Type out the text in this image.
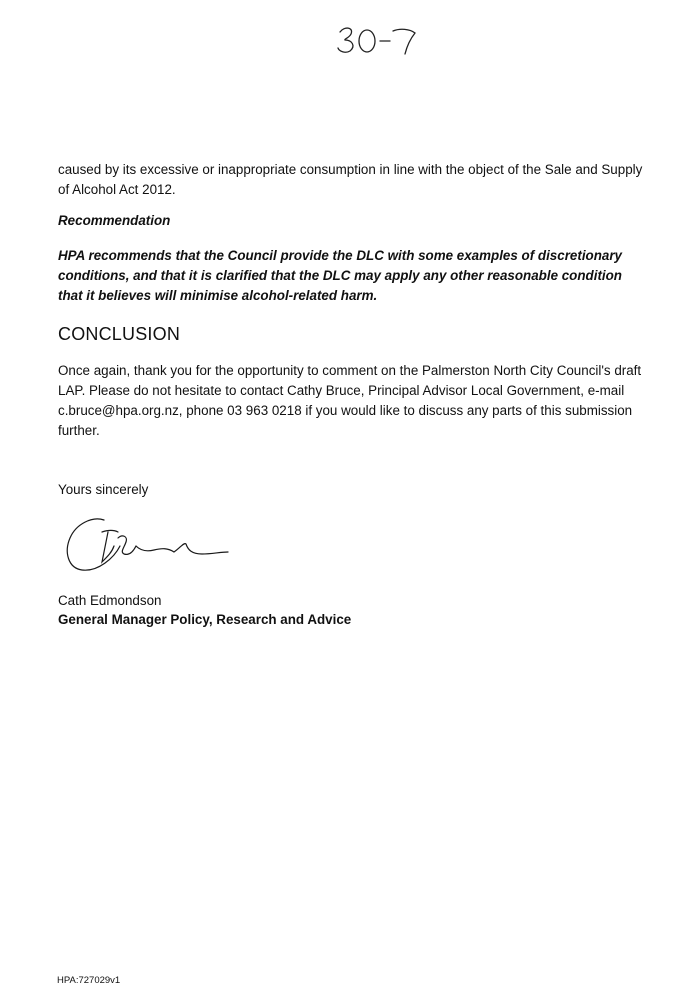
caused by its excessive or inappropriate consumption in line with the object of the Sale and Supply of Alcohol Act 2012.

Recommendation

HPA recommends that the Council provide the DLC with some examples of discretionary conditions, and that it is clarified that the DLC may apply any other reasonable condition that it believes will minimise alcohol-related harm.

CONCLUSION

Once again, thank you for the opportunity to comment on the Palmerston North City Council's draft LAP. Please do not hesitate to contact Cathy Bruce, Principal Advisor Local Government, e-mail c.bruce@hpa.org.nz, phone 03 963 0218 if you would like to discuss any parts of this submission further.

Yours sincerely
Cath Edmondson
General Manager Policy, Research and Advice
HPA:727029v1
